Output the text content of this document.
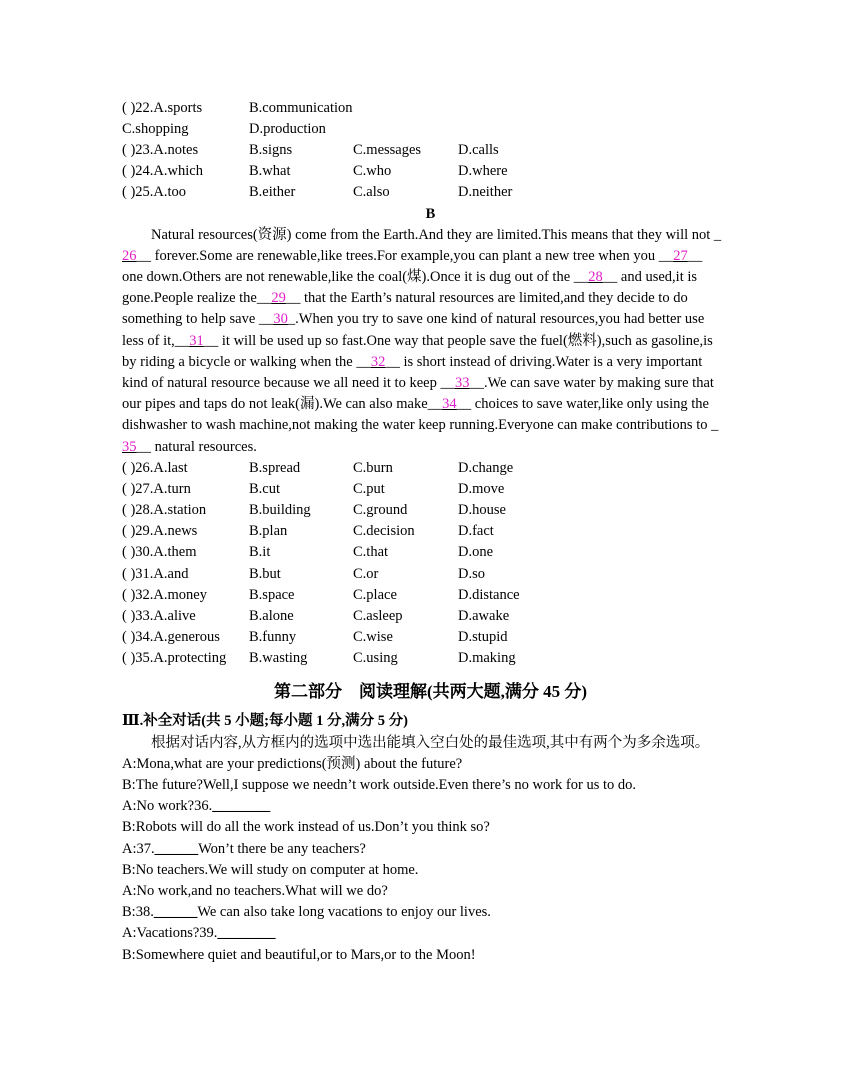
( )22.A.sports	B.communication
C.shopping	D.production
( )23.A.notes	B.signs	C.messages	D.calls
( )24.A.which	B.what	C.who	D.where
( )25.A.too	B.either	C.also	D.neither
B
Natural resources(资源) come from the Earth.And they are limited.This means that they will not _
26__ forever.Some are renewable,like trees.For example,you can plant a new tree when you __27__
one down.Others are not renewable,like the coal(煤).Once it is dug out of the __28__ and used,it is
gone.People realize the__29__ that the Earth’s natural resources are limited,and they decide to do
something to help save __30_.When you try to save one kind of natural resources,you had better use
less of it,__31__ it will be used up so fast.One way that people save the fuel(燃料),such as gasoline,is
by riding a bicycle or walking when the __32__ is short instead of driving.Water is a very important
kind of natural resource because we all need it to keep __33__.We can save water by making sure that
our pipes and taps do not leak(漏).We can also make__34__ choices to save water,like only using the
dishwasher to wash machine,not making the water keep running.Everyone can make contributions to _
35__ natural resources.
( )26.A.last	B.spread	C.burn	D.change
( )27.A.turn	B.cut	C.put	D.move
( )28.A.station	B.building	C.ground	D.house
( )29.A.news	B.plan	C.decision	D.fact
( )30.A.them	B.it	C.that	D.one
( )31.A.and	B.but	C.or	D.so
( )32.A.money	B.space	C.place	D.distance
( )33.A.alive	B.alone	C.asleep	D.awake
( )34.A.generous B.funny	C.wise	D.stupid
( )35.A.protecting B.wasting	C.using	D.making
第二部分　阅读理解(共两大题,满分 45 分)
Ⅲ.补全对话(共 5 小题;每小题 1 分,满分 5 分)
根据对话内容,从方框内的选项中选出能填入空白处的最佳选项,其中有两个为多余选项。
A:Mona,what are your predictions(预测) about the future?
B:The future?Well,I suppose we needn’t work outside.Even there’s no work for us to do.
A:No work?36.________
B:Robots will do all the work instead of us.Don’t you think so?
A:37.______Won’t there be any teachers?
B:No teachers.We will study on computer at home.
A:No work,and no teachers.What will we do?
B:38.______We can also take long vacations to enjoy our lives.
A:Vacations?39.________
B:Somewhere quiet and beautiful,or to Mars,or to the Moon!
